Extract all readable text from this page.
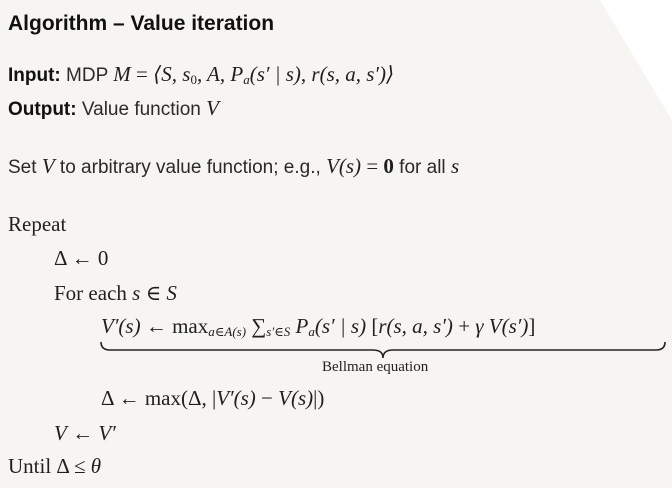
Algorithm – Value iteration
Input: MDP M = ⟨S, $s_0$, A, $P_a(s'$ | s), r(s, a, s′)⟩
Output: Value function V
Set V to arbitrary value function; e.g., V(s) = 0 for all s
Repeat
Δ ← 0
For each s ∈ S
V′(s) ← $\max_{a\in A(s)} \sum_{s'\in S}$ $P_a(s'$ | s) [r(s, a, s′) + γ V(s′)]
Bellman equation
Δ ← max(Δ, |V′(s) − V(s)|)
V ← V′
Until Δ ≤ θ
